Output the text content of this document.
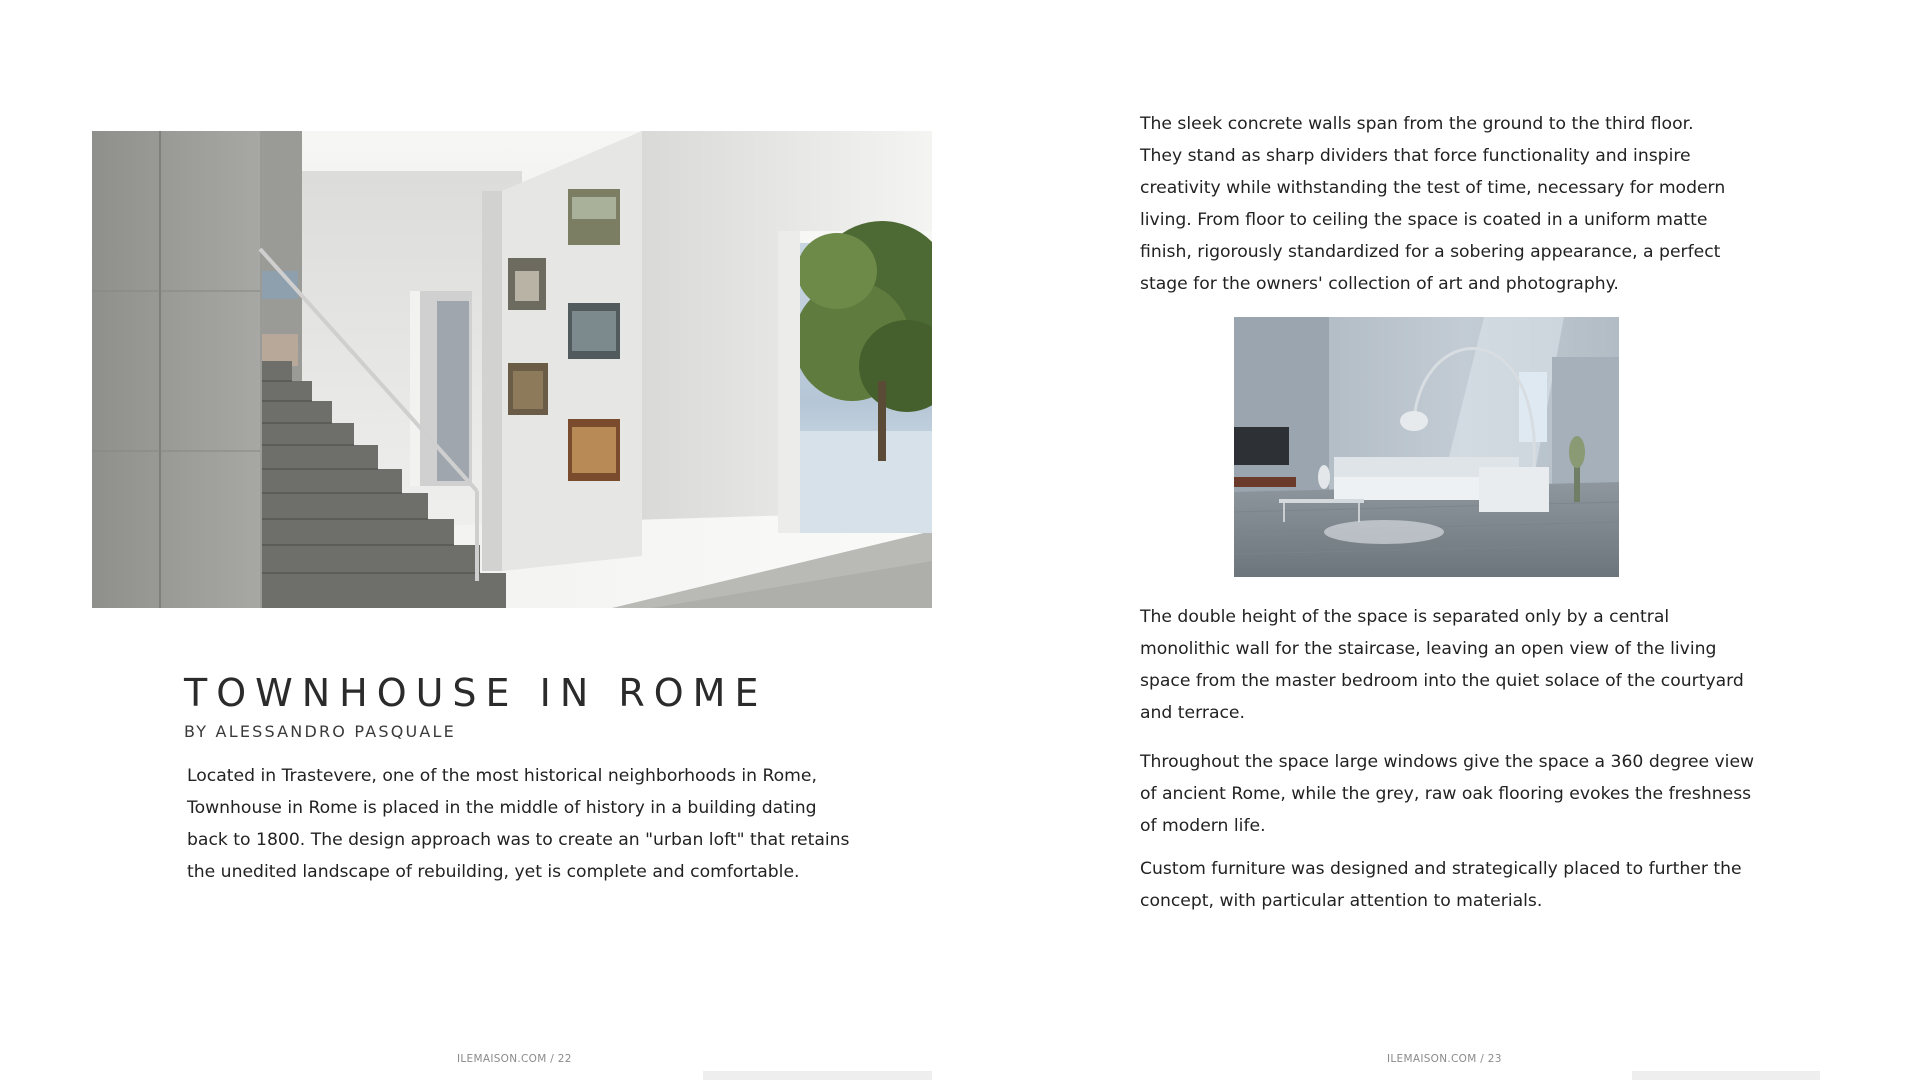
TOWNHOUSE IN ROME
BY ALESSANDRO PASQUALE

Located in Trastevere, one of the most historical neighborhoods in Rome,
Townhouse in Rome is placed in the middle of history in a building dating
back to 1800. The design approach was to create an "urban loft" that retains
the unedited landscape of rebuilding, yet is complete and comfortable.

ILEMAISON.COM / 22

The sleek concrete walls span from the ground to the third floor.
They stand as sharp dividers that force functionality and inspire
creativity while withstanding the test of time, necessary for modern
living. From floor to ceiling the space is coated in a uniform matte
finish, rigorously standardized for a sobering appearance, a perfect
stage for the owners' collection of art and photography.

The double height of the space is separated only by a central
monolithic wall for the staircase, leaving an open view of the living
space from the master bedroom into the quiet solace of the courtyard
and terrace.

Throughout the space large windows give the space a 360 degree view
of ancient Rome, while the grey, raw oak flooring evokes the freshness
of modern life.

Custom furniture was designed and strategically placed to further the
concept, with particular attention to materials.

ILEMAISON.COM / 23
